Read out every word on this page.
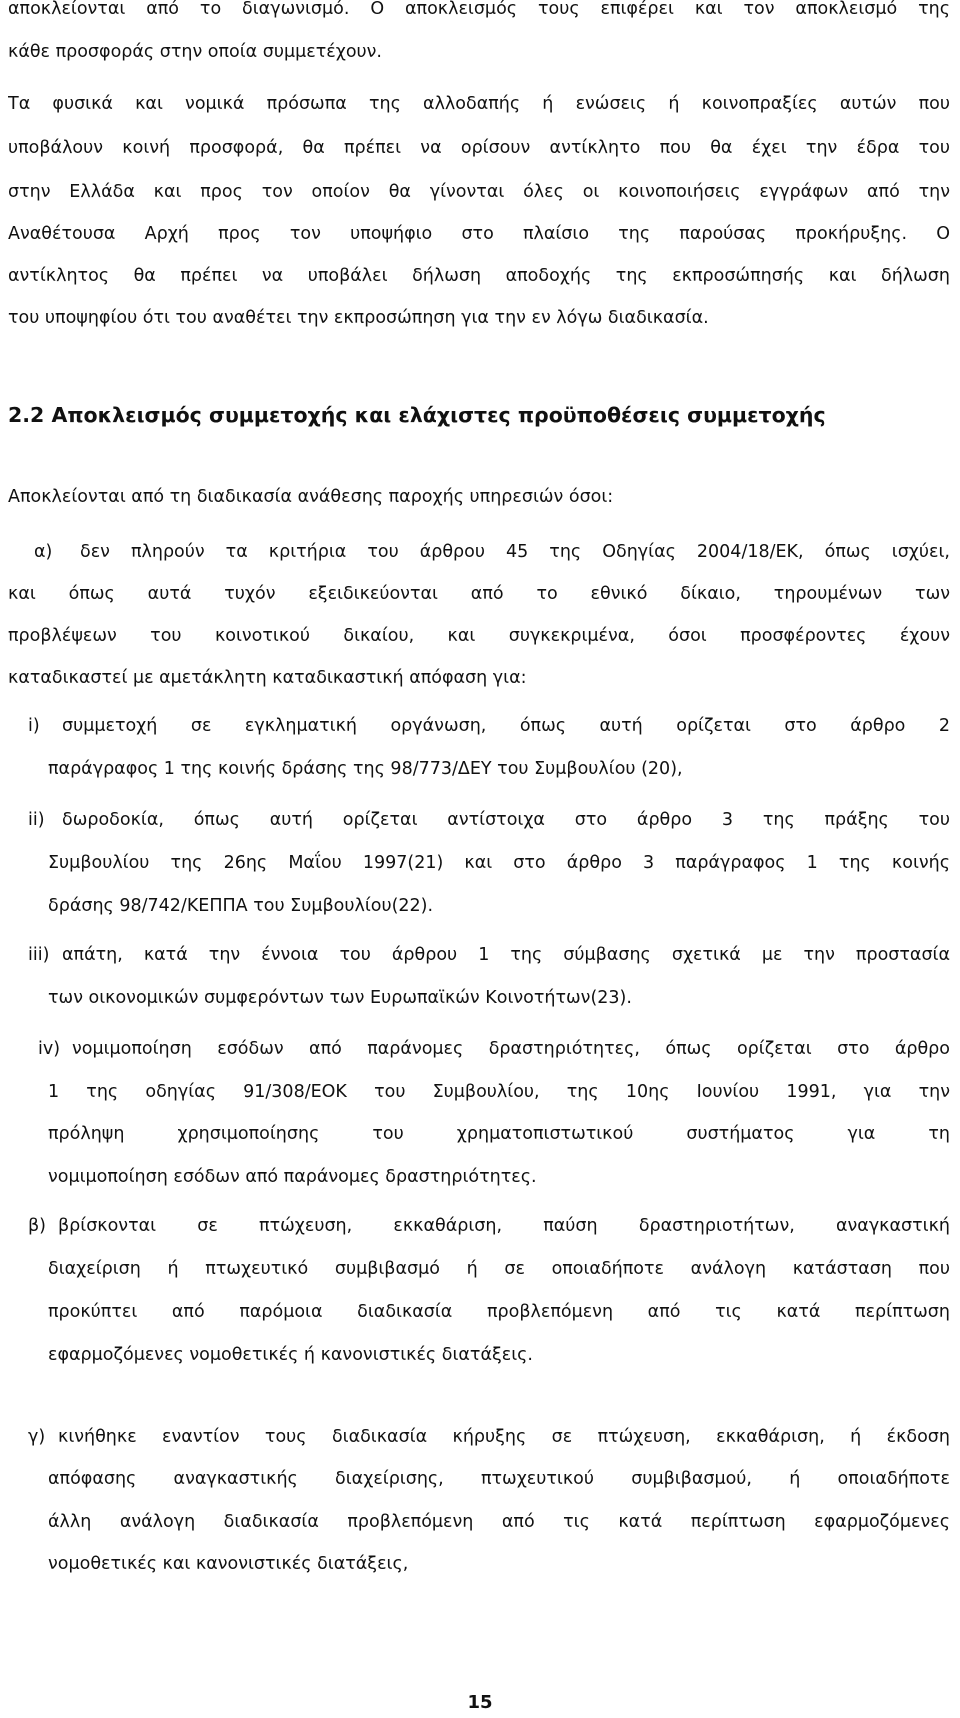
αποκλείονται από το διαγωνισμό. Ο αποκλεισμός τους επιφέρει και τον αποκλεισμό της
κάθε προσφοράς στην οποία συμμετέχουν.
Τα φυσικά και νομικά πρόσωπα της αλλοδαπής ή ενώσεις ή κοινοπραξίες αυτών που
υποβάλουν κοινή προσφορά, θα πρέπει να ορίσουν αντίκλητο που θα έχει την έδρα του
στην Ελλάδα και προς τον οποίον θα γίνονται όλες οι κοινοποιήσεις εγγράφων από την
Αναθέτουσα Αρχή προς τον υποψήφιο στο πλαίσιο της παρούσας προκήρυξης. Ο
αντίκλητος θα πρέπει να υποβάλει δήλωση αποδοχής της εκπροσώπησής και δήλωση
του υποψηφίου ότι του αναθέτει την εκπροσώπηση για την εν λόγω διαδικασία.
2.2 Αποκλεισμός συμμετοχής και ελάχιστες προϋποθέσεις συμμετοχής
Αποκλείονται από τη διαδικασία ανάθεσης παροχής υπηρεσιών όσοι:
α) δεν πληρούν τα κριτήρια του άρθρου 45 της Οδηγίας 2004/18/ΕΚ, όπως ισχύει,
και όπως αυτά τυχόν εξειδικεύονται από το εθνικό δίκαιο, τηρουμένων των
προβλέψεων του κοινοτικού δικαίου, και συγκεκριμένα, όσοι προσφέροντες έχουν
καταδικαστεί με αμετάκλητη καταδικαστική απόφαση για:
i) συμμετοχή σε εγκληματική οργάνωση, όπως αυτή ορίζεται στο άρθρο 2
παράγραφος 1 της κοινής δράσης της 98/773/ΔΕΥ του Συμβουλίου (20),
ii) δωροδοκία, όπως αυτή ορίζεται αντίστοιχα στο άρθρο 3 της πράξης του
Συμβουλίου της 26ης Μαΐου 1997(21) και στο άρθρο 3 παράγραφος 1 της κοινής
δράσης 98/742/ΚΕΠΠΑ του Συμβουλίου(22).
iii) απάτη, κατά την έννοια του άρθρου 1 της σύμβασης σχετικά με την προστασία
των οικονομικών συμφερόντων των Ευρωπαϊκών Κοινοτήτων(23).
iv) νομιμοποίηση εσόδων από παράνομες δραστηριότητες, όπως ορίζεται στο άρθρο
1 της οδηγίας 91/308/ΕΟΚ του Συμβουλίου, της 10ης Ιουνίου 1991, για την
πρόληψη χρησιμοποίησης του χρηματοπιστωτικού συστήματος για τη
νομιμοποίηση εσόδων από παράνομες δραστηριότητες.
β) βρίσκονται σε πτώχευση, εκκαθάριση, παύση δραστηριοτήτων, αναγκαστική
διαχείριση ή πτωχευτικό συμβιβασμό ή σε οποιαδήποτε ανάλογη κατάσταση που
προκύπτει από παρόμοια διαδικασία προβλεπόμενη από τις κατά περίπτωση
εφαρμοζόμενες νομοθετικές ή κανονιστικές διατάξεις.
γ) κινήθηκε εναντίον τους διαδικασία κήρυξης σε πτώχευση, εκκαθάριση, ή έκδοση
απόφασης αναγκαστικής διαχείρισης, πτωχευτικού συμβιβασμού, ή οποιαδήποτε
άλλη ανάλογη διαδικασία προβλεπόμενη από τις κατά περίπτωση εφαρμοζόμενες
νομοθετικές και κανονιστικές διατάξεις,
15
